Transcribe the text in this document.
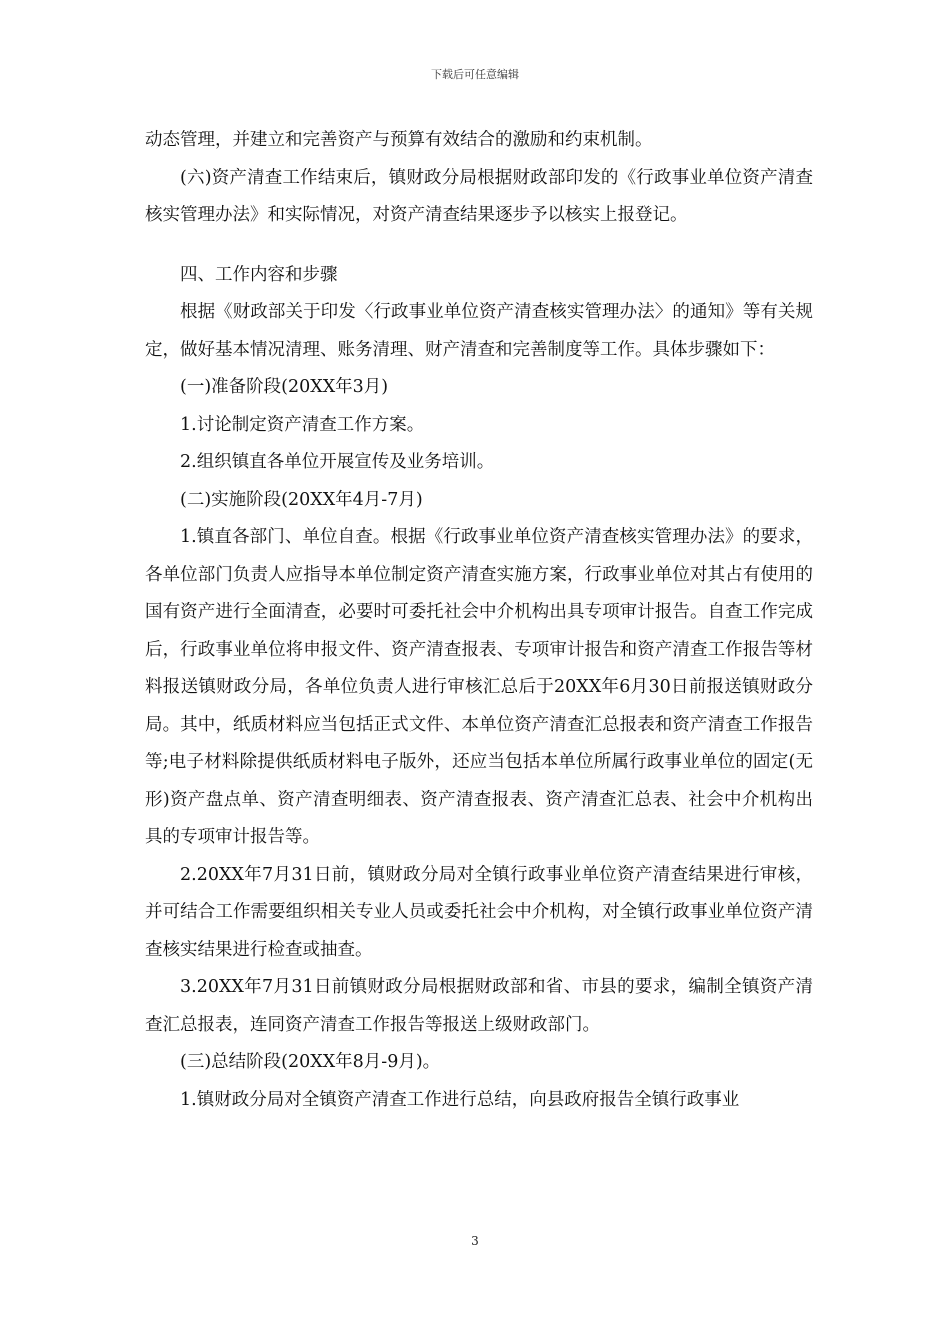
下载后可任意编辑

动态管理，并建立和完善资产与预算有效结合的激励和约束机制。

(六)资产清查工作结束后，镇财政分局根据财政部印发的《行政事业单位资产清查核实管理办法》和实际情况，对资产清查结果逐步予以核实上报登记。

四、工作内容和步骤

根据《财政部关于印发〈行政事业单位资产清查核实管理办法〉的通知》等有关规定，做好基本情况清理、账务清理、财产清查和完善制度等工作。具体步骤如下：

(一)准备阶段(20XX年3月)

1.讨论制定资产清查工作方案。

2.组织镇直各单位开展宣传及业务培训。

(二)实施阶段(20XX年4月-7月)

1.镇直各部门、单位自查。根据《行政事业单位资产清查核实管理办法》的要求，各单位部门负责人应指导本单位制定资产清查实施方案，行政事业单位对其占有使用的国有资产进行全面清查，必要时可委托社会中介机构出具专项审计报告。自查工作完成后，行政事业单位将申报文件、资产清查报表、专项审计报告和资产清查工作报告等材料报送镇财政分局，各单位负责人进行审核汇总后于20XX年6月30日前报送镇财政分局。其中，纸质材料应当包括正式文件、本单位资产清查汇总报表和资产清查工作报告等;电子材料除提供纸质材料电子版外，还应当包括本单位所属行政事业单位的固定(无形)资产盘点单、资产清查明细表、资产清查报表、资产清查汇总表、社会中介机构出具的专项审计报告等。

2.20XX年7月31日前，镇财政分局对全镇行政事业单位资产清查结果进行审核，并可结合工作需要组织相关专业人员或委托社会中介机构，对全镇行政事业单位资产清查核实结果进行检查或抽查。

3.20XX年7月31日前镇财政分局根据财政部和省、市县的要求，编制全镇资产清查汇总报表，连同资产清查工作报告等报送上级财政部门。

(三)总结阶段(20XX年8月-9月)。

1.镇财政分局对全镇资产清查工作进行总结，向县政府报告全镇行政事业

3
